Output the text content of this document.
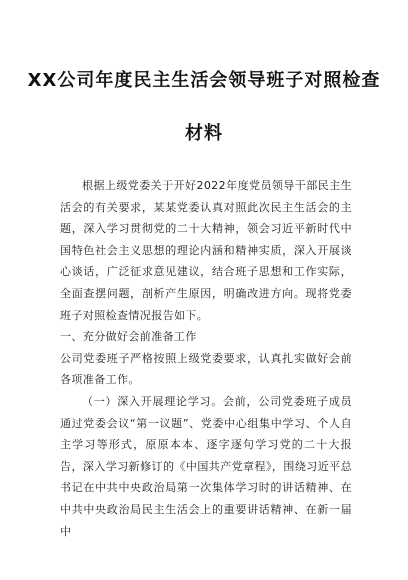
XX公司年度民主生活会领导班子对照检查
材料

根据上级党委关于开好2022年度党员领导干部民主生活会的有关要求，某某党委认真对照此次民主生活会的主题，深入学习贯彻党的二十大精神，领会习近平新时代中国特色社会主义思想的理论内涵和精神实质，深入开展谈心谈话，广泛征求意见建议，结合班子思想和工作实际，全面查摆问题，剖析产生原因，明确改进方向。现将党委班子对照检查情况报告如下。

一、充分做好会前准备工作

公司党委班子严格按照上级党委要求，认真扎实做好会前各项准备工作。

（一）深入开展理论学习。会前，公司党委班子成员通过党委会议“第一议题”、党委中心组集中学习、个人自主学习等形式，原原本本、逐字逐句学习党的二十大报告，深入学习新修订的《中国共产党章程》，围绕习近平总书记在中共中央政治局第一次集体学习时的讲话精神、在中共中央政治局民主生活会上的重要讲话精神、在新一届中
